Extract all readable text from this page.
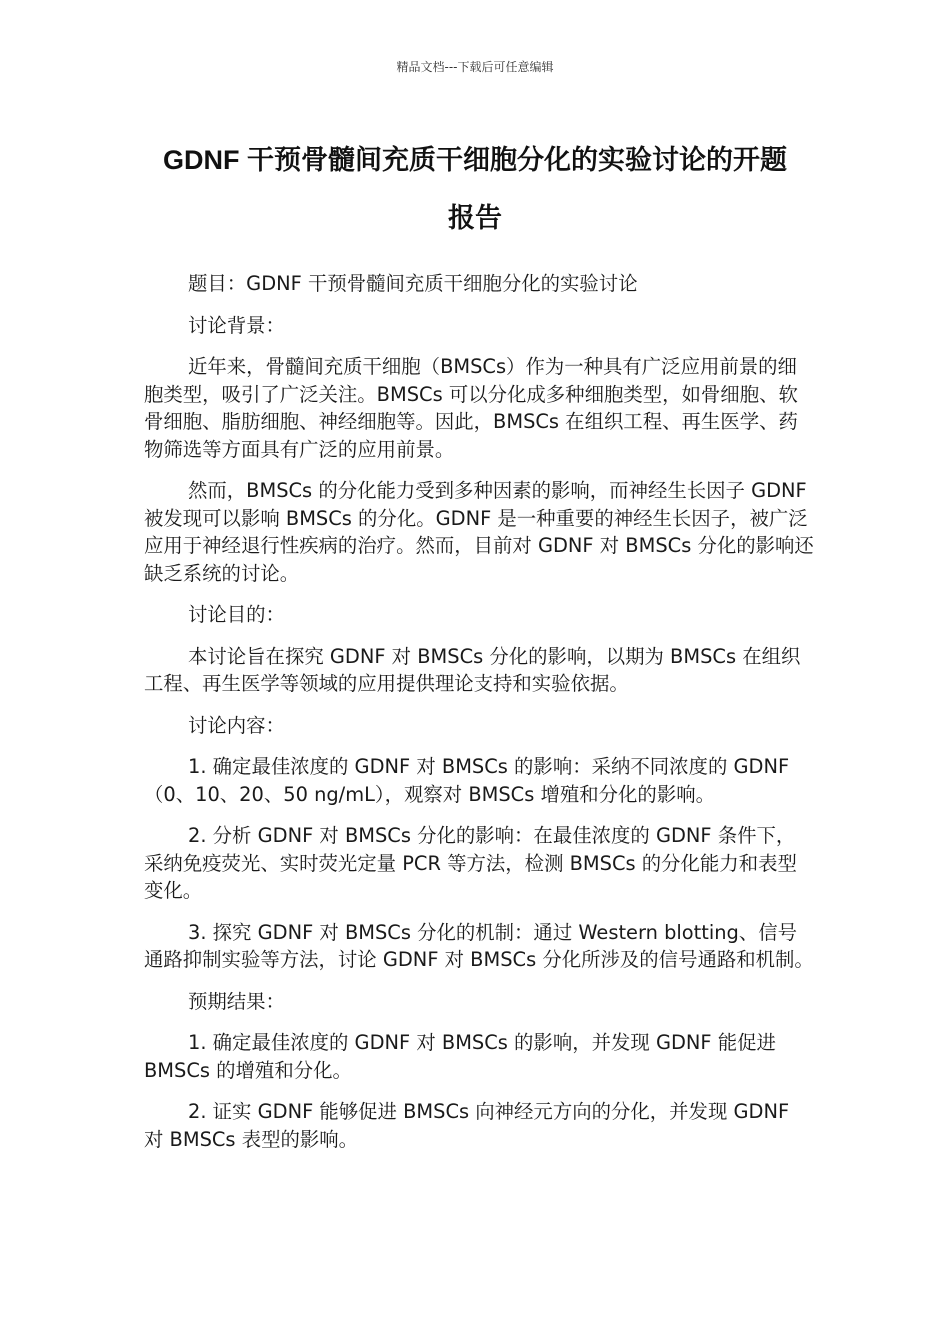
精品文档---下载后可任意编辑
GDNF 干预骨髓间充质干细胞分化的实验讨论的开题
报告

题目：GDNF 干预骨髓间充质干细胞分化的实验讨论

讨论背景：

近年来，骨髓间充质干细胞（BMSCs）作为一种具有广泛应用前景的细胞类型，吸引了广泛关注。BMSCs 可以分化成多种细胞类型，如骨细胞、软骨细胞、脂肪细胞、神经细胞等。因此，BMSCs 在组织工程、再生医学、药物筛选等方面具有广泛的应用前景。

然而，BMSCs 的分化能力受到多种因素的影响，而神经生长因子 GDNF 被发现可以影响 BMSCs 的分化。GDNF 是一种重要的神经生长因子，被广泛应用于神经退行性疾病的治疗。然而，目前对 GDNF 对 BMSCs 分化的影响还缺乏系统的讨论。

讨论目的：

本讨论旨在探究 GDNF 对 BMSCs 分化的影响，以期为 BMSCs 在组织工程、再生医学等领域的应用提供理论支持和实验依据。

讨论内容：

1. 确定最佳浓度的 GDNF 对 BMSCs 的影响：采纳不同浓度的 GDNF（0、10、20、50 ng/mL），观察对 BMSCs 增殖和分化的影响。

2. 分析 GDNF 对 BMSCs 分化的影响：在最佳浓度的 GDNF 条件下，采纳免疫荧光、实时荧光定量 PCR 等方法，检测 BMSCs 的分化能力和表型变化。

3. 探究 GDNF 对 BMSCs 分化的机制：通过 Western blotting、信号通路抑制实验等方法，讨论 GDNF 对 BMSCs 分化所涉及的信号通路和机制。

预期结果：

1. 确定最佳浓度的 GDNF 对 BMSCs 的影响，并发现 GDNF 能促进 BMSCs 的增殖和分化。

2. 证实 GDNF 能够促进 BMSCs 向神经元方向的分化，并发现 GDNF 对 BMSCs 表型的影响。
